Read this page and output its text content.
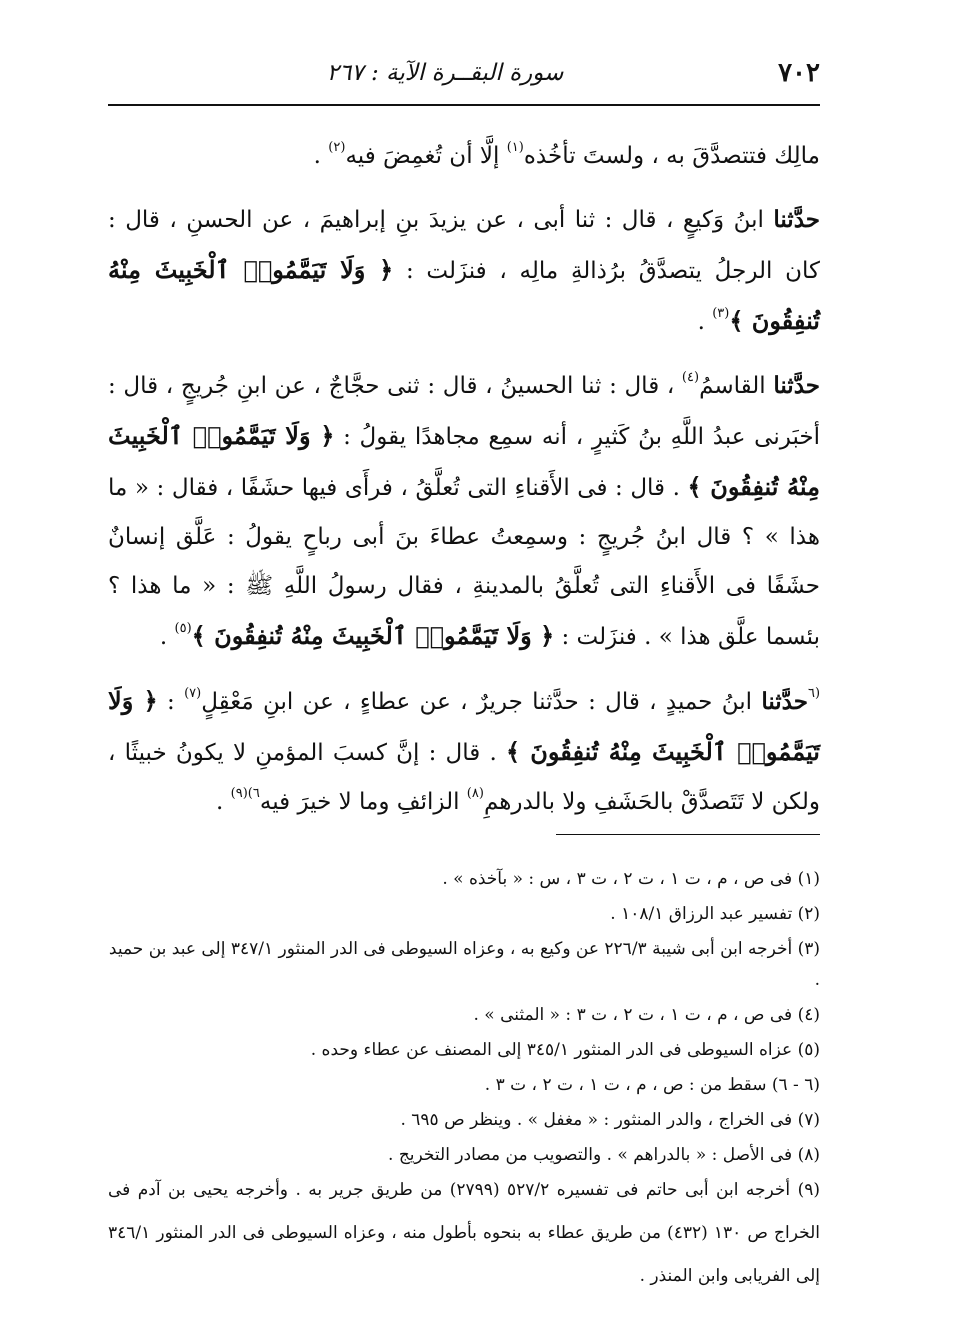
٧٠٢
سورة البقــرة الآية : ٢٦٧

مالِك فتتصدَّقَ به ، ولستَ تأخُذه$^{(١)}$ إلَّا أن تُغمِضَ فيه$^{(٢)}$ .

حدَّثنا ابنُ وَكيعٍ ، قال : ثنا أبى ، عن يزيدَ بنِ إبراهيمَ ، عن الحسنِ ، قال : كان الرجلُ يتصدَّقُ برُذالةِ مالِه ، فنزَلت : ﴿ وَلَا تَيَمَّمُوا۟ ٱلْخَبِيثَ مِنْهُ تُنفِقُونَ ﴾$^{(٣)}$ .

حدَّثنا القاسمُ$^{(٤)}$ ، قال : ثنا الحسينُ ، قال : ثنى حجَّاجٌ ، عن ابنِ جُريجٍ ، قال : أخبَرنى عبدُ اللَّهِ بنُ كَثيرٍ ، أنه سمِع مجاهدًا يقولُ : ﴿ وَلَا تَيَمَّمُوا۟ ٱلْخَبِيثَ مِنْهُ تُنفِقُونَ ﴾ . قال : فى الأَقناءِ التى تُعلَّقُ ، فرأَى فيها حشَفًا ، فقال : « ما هذا » ؟ قال ابنُ جُريجٍ : وسمِعتُ عطاءَ بنَ أبى رباحٍ يقولُ : عَلَّق إنسانٌ حشَفًا فى الأَقناءِ التى تُعلَّقُ بالمدينةِ ، فقال رسولُ اللَّهِ ﷺ : « ما هذا ؟ بئسما علَّق هذا » . فنزَلت : ﴿ وَلَا تَيَمَّمُوا۟ ٱلْخَبِيثَ مِنْهُ تُنفِقُونَ ﴾$^{(٥)}$ .

$^{(٦}$حدَّثنا ابنُ حميدٍ ، قال : حدَّثنا جريرٌ ، عن عطاءٍ ، عن ابنِ مَعْقِلٍ$^{(٧)}$ : ﴿ وَلَا تَيَمَّمُوا۟ ٱلْخَبِيثَ مِنْهُ تُنفِقُونَ ﴾ . قال : إنَّ كسبَ المؤمنِ لا يكونُ خبيثًا ، ولكن لا تَتَصدَّقْ بالحَشَفِ ولا بالدرهمِ$^{(٨)}$ الزائفِ وما لا خيرَ فيه$^{٦)(٩)}$ .

(١) فى ص ، م ، ت ١ ، ت ٢ ، ت ٣ ، س : « بآخذه » .

(٢) تفسير عبد الرزاق ١٠٨/١ .

(٣) أخرجه ابن أبى شيبة ٢٢٦/٣ عن وكيع به ، وعزاه السيوطى فى الدر المنثور ٣٤٧/١ إلى عبد بن حميد .

(٤) فى ص ، م ، ت ١ ، ت ٢ ، ت ٣ : « المثنى » .

(٥) عزاه السيوطى فى الدر المنثور ٣٤٥/١ إلى المصنف عن عطاء وحده .

(٦ - ٦) سقط من : ص ، م ، ت ١ ، ت ٢ ، ت ٣ .

(٧) فى الخراج ، والدر المنثور : « مغفل » . وينظر ص ٦٩٥ .

(٨) فى الأصل : « بالدراهم » . والتصويب من مصادر التخريج .

(٩) أخرجه ابن أبى حاتم فى تفسيره ٥٢٧/٢ (٢٧٩٩) من طريق جرير به . وأخرجه يحيى بن آدم فى الخراج ص ١٣٠ (٤٣٢) من طريق عطاء به بنحوه بأطول منه ، وعزاه السيوطى فى الدر المنثور ٣٤٦/١ إلى الفريابى وابن المنذر .
